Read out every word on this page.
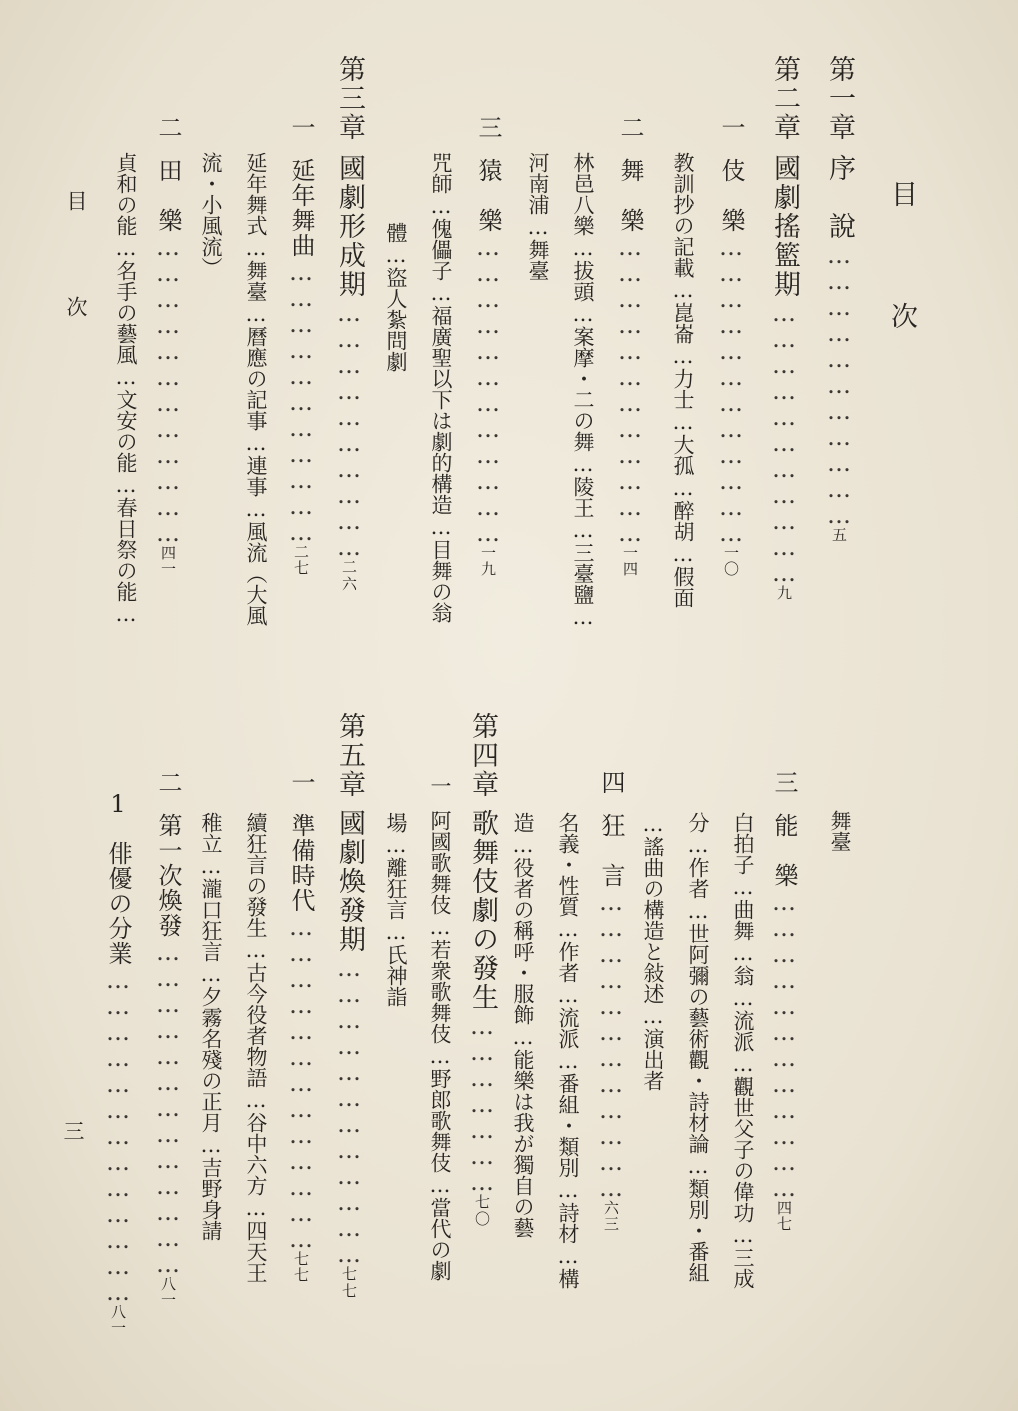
目次
第一章序　說……………………………五
第二章國劇搖籃期……………………………九
一伎　樂………………………………一〇
教訓抄の記載…崑崙…力士…大孤…醉胡…假面
二舞　樂………………………………一四
林邑八樂…拔頭…案摩・二の舞…陵王…三臺鹽…
河南浦…舞臺
三猿　樂………………………………一九
咒師…傀儡子…福廣聖以下は劇的構造…目舞の翁
體…盜人紮問劇
第三章國劇形成期…………………………二六
一延年舞曲……………………………二七
延年舞式…舞臺…曆應の記事…連事…風流（大風
流・小風流）
二田　樂………………………………四一
貞和の能…名手の藝風…文安の能…春日祭の能…
目次
舞臺
三能　樂………………………………四七
白拍子…曲舞…翁…流派…觀世父子の偉功…三成
分…作者…世阿彌の藝術觀・詩材論…類別・番組
…謠曲の構造と敍述…演出者
四狂　言………………………………六三
名義・性質…作者…流派…番組・類別…詩材…構
造…役者の稱呼・服飾…能樂は我が獨自の藝
第四章歌舞伎劇の發生…………………七〇
一阿國歌舞伎…若衆歌舞伎…野郎歌舞伎…當代の劇
場…離狂言…氏神詣
第五章國劇煥發期………………………………七七
一準備時代…………………………………七七
續狂言の發生…古今役者物語…谷中六方…四天王
稚立…瀧口狂言…夕霧名殘の正月…吉野身請
二第一次煥發…………………………………八一
1俳優の分業…………………………………八一
三
